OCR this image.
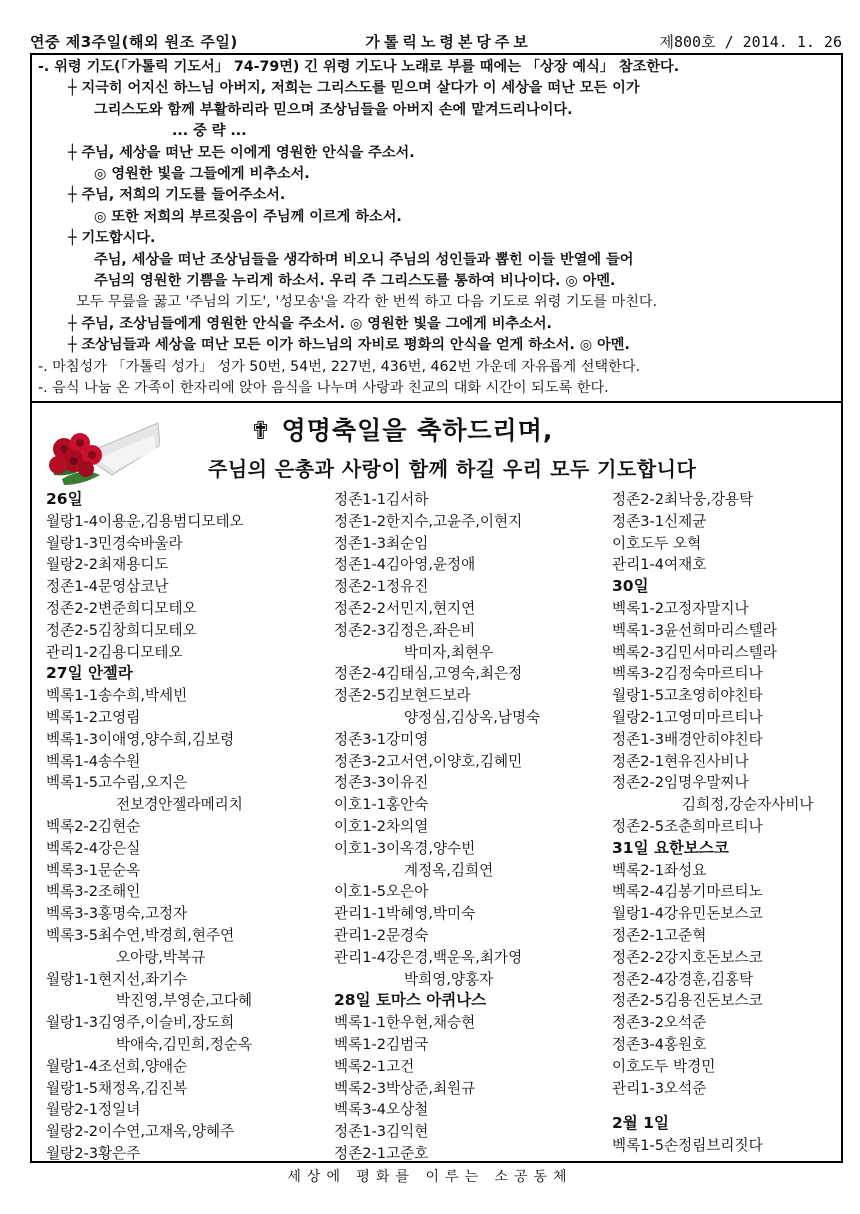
연중 제3주일(해외 원조 주일)	가톨릭노령본당주보	제800호 / 2014. 1. 26
-. 위령 기도(「가톨릭 기도서」 74-79면) 긴 위령 기도나 노래로 부를 때에는 「상장 예식」 참조한다.
┼ 지극히 어지신 하느님 아버지, 저희는 그리스도를 믿으며 살다가 이 세상을 떠난 모든 이가
그리스도와 함께 부활하리라 믿으며 조상님들을 아버지 손에 맡겨드리나이다.
... 중 략 ...
┼ 주님, 세상을 떠난 모든 이에게 영원한 안식을 주소서.
◎ 영원한 빛을 그들에게 비추소서.
┼ 주님, 저희의 기도를 들어주소서.
◎ 또한 저희의 부르짖음이 주님께 이르게 하소서.
┼ 기도합시다.
주님, 세상을 떠난 조상님들을 생각하며 비오니 주님의 성인들과 뽑힌 이들 반열에 들어
주님의 영원한 기쁨을 누리게 하소서. 우리 주 그리스도를 통하여 비나이다. ◎ 아멘.
모두 무릎을 꿇고 '주님의 기도', '성모송'을 각각 한 번씩 하고 다음 기도로 위령 기도를 마친다.
┼ 주님, 조상님들에게 영원한 안식을 주소서. ◎ 영원한 빛을 그에게 비추소서.
┼ 조상님들과 세상을 떠난 모든 이가 하느님의 자비로 평화의 안식을 얻게 하소서. ◎ 아멘.
-. 마침성가 「가톨릭 성가」 성가 50번, 54번, 227번, 436번, 462번 가운데 자유롭게 선택한다.
-. 음식 나눔 온 가족이 한자리에 앉아 음식을 나누며 사랑과 친교의 대화 시간이 되도록 한다.
✟ 영명축일을 축하드리며,
주님의 은총과 사랑이 함께 하길 우리 모두 기도합니다
26일
월랑1-4이용운,김용범디모테오
월랑1-3민경숙바울라
월랑2-2최재용디도
정존1-4문영삼코난
정존2-2변준희디모테오
정존2-5김창희디모테오
관리1-2김용디모테오
27일 안젤라
벡록1-1송수희,박세빈
벡록1-2고영림
벡록1-3이애영,양수희,김보령
벡록1-4송수원
벡록1-5고수림,오지은
전보경안젤라메리치
벡록2-2김현순
벡록2-4강은실
벡록3-1문순옥
벡록3-2조해인
벡록3-3홍명숙,고정자
벡록3-5최수연,박경희,현주연
오아랑,박복규
월랑1-1현지선,좌기수
박진영,부영순,고다혜
월랑1-3김영주,이슬비,장도희
박애숙,김민희,정순옥
월랑1-4조선희,양애순
월랑1-5채정옥,김진복
월랑2-1정일녀
월랑2-2이수연,고재옥,양혜주
월랑2-3황은주
정존1-1김서하
정존1-2한지수,고윤주,이현지
정존1-3최순임
정존1-4김아영,윤정애
정존2-1정유진
정존2-2서민지,현지연
정존2-3김정은,좌은비
박미자,최현우
정존2-4김태심,고영숙,최은정
정존2-5김보현드보라
양정심,김상옥,남명숙
정존3-1강미영
정존3-2고서연,이양호,김혜민
정존3-3이유진
이호1-1홍안숙
이호1-2차의열
이호1-3이옥경,양수빈
계정옥,김희연
이호1-5오은아
관리1-1박혜영,박미숙
관리1-2문경숙
관리1-4강은경,백운옥,최가영
박희영,양홍자
28일 토마스 아퀴나스
벡록1-1한우현,채승현
벡록1-2김범국
벡록2-1고건
벡록2-3박상준,최원규
벡록3-4오상철
정존1-3김익현
정존2-1고준호
정존2-2최낙웅,강용탁
정존3-1신제균
이호도두 오혁
관리1-4여재호
30일
벡록1-2고정자말지나
벡록1-3윤선희마리스텔라
벡록2-3김민서마리스텔라
벡록3-2김정숙마르티나
월랑1-5고초영히야친타
월랑2-1고영미마르티나
정존1-3배경안히야친타
정존2-1현유진사비나
정존2-2임명우말찌나
김희정,강순자사비나
정존2-5조춘희마르티나
31일 요한보스코
벡록2-1좌성요
벡록2-4김봉기마르티노
월랑1-4강유민돈보스코
정존2-1고준혁
정존2-2강지호돈보스코
정존2-4강경훈,김홍탁
정존2-5김용진돈보스코
정존3-2오석준
정존3-4홍원호
이호도두 박경민
관리1-3오석준
2월 1일
벡록1-5손정림브리짓다
세상에 평화를 이루는 소공동체
